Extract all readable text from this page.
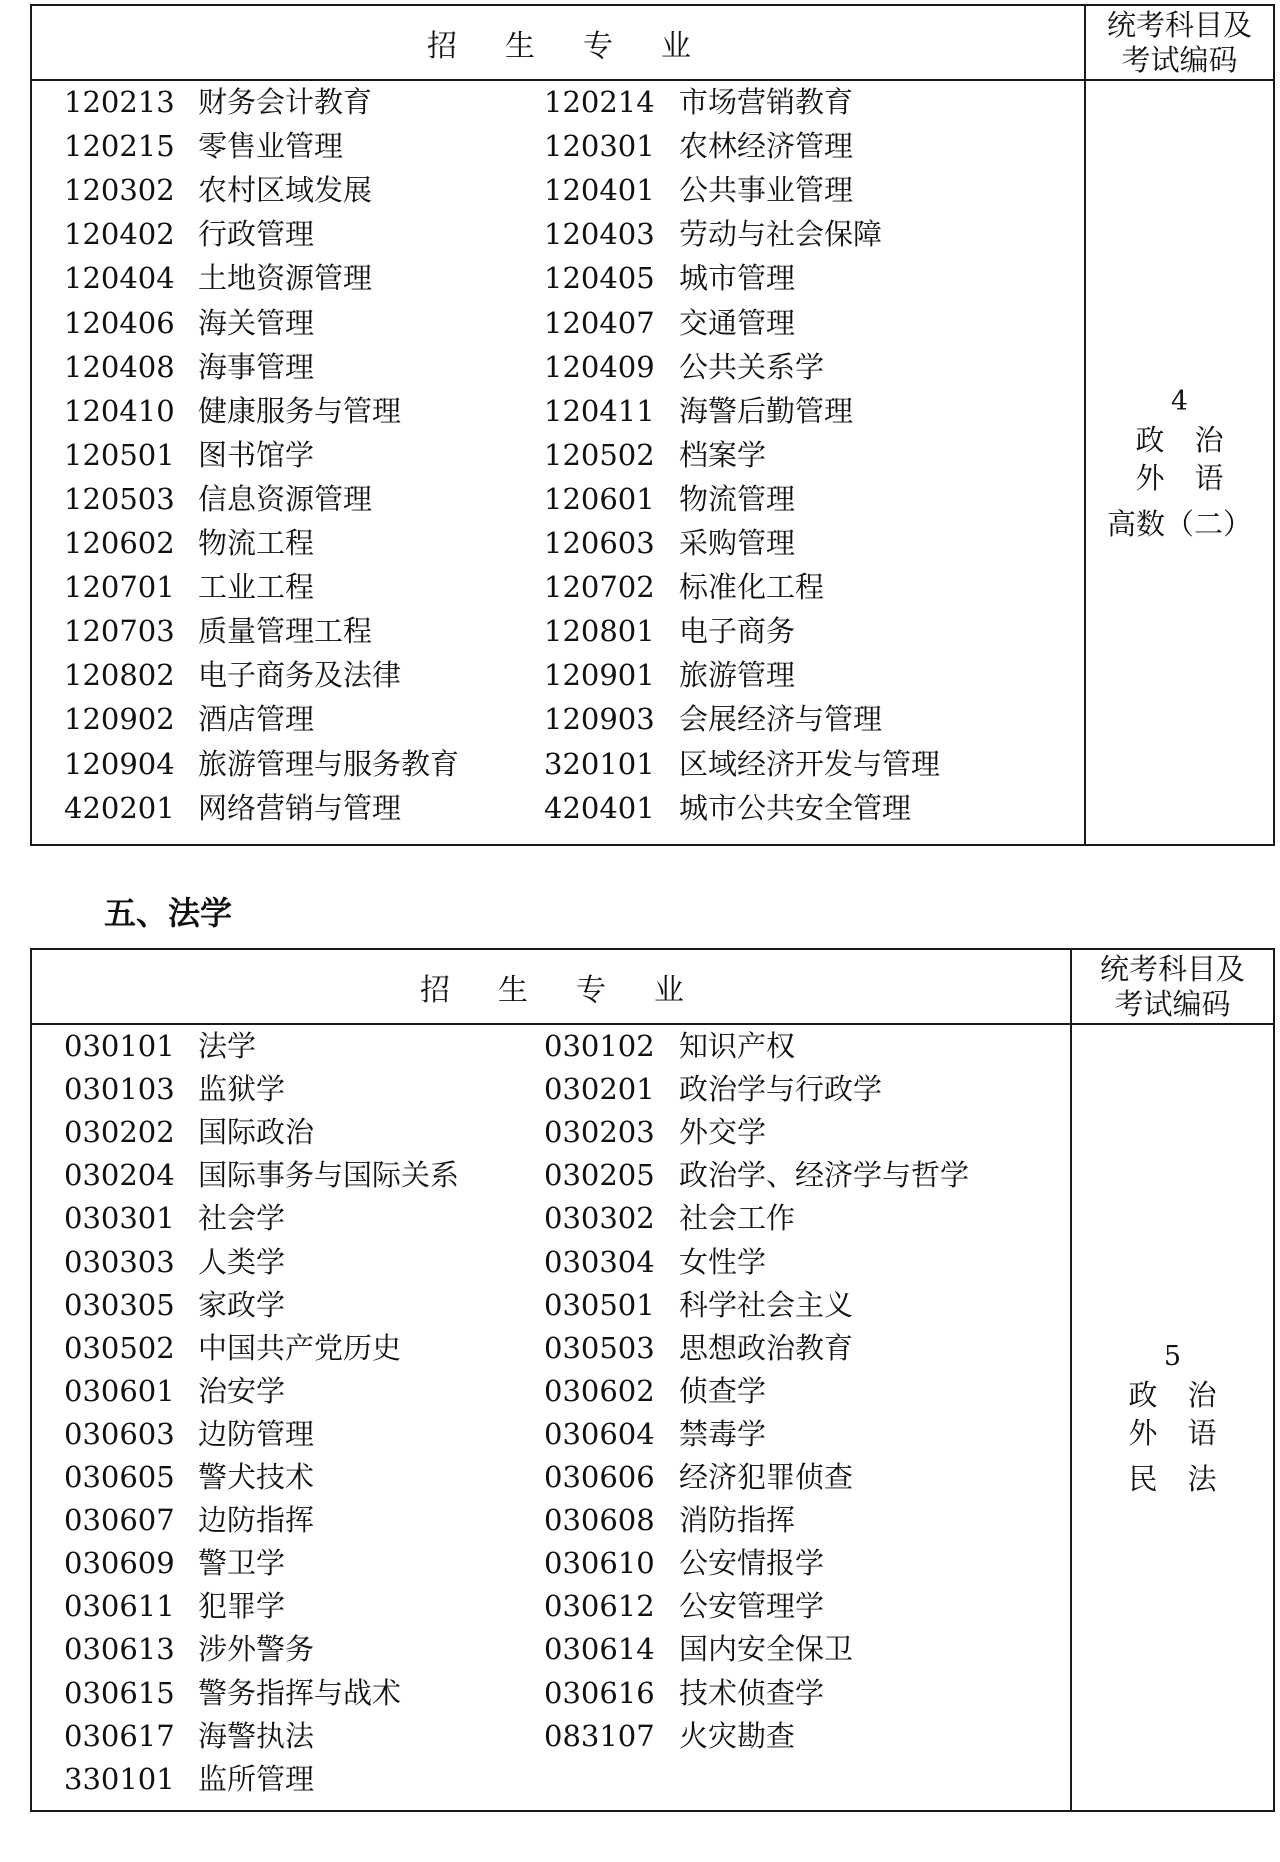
招生专业
统考科目及
考试编码
4
政治
外语
高数（二）
120213 财务会计教育	120214 市场营销教育
120215 零售业管理	120301 农林经济管理
120302 农村区域发展	120401 公共事业管理
120402 行政管理	120403 劳动与社会保障
120404 土地资源管理	120405 城市管理
120406 海关管理	120407 交通管理
120408 海事管理	120409 公共关系学
120410 健康服务与管理	120411 海警后勤管理
120501 图书馆学	120502 档案学
120503 信息资源管理	120601 物流管理
120602 物流工程	120603 采购管理
120701 工业工程	120702 标准化工程
120703 质量管理工程	120801 电子商务
120802 电子商务及法律	120901 旅游管理
120902 酒店管理	120903 会展经济与管理
120904 旅游管理与服务教育	320101 区域经济开发与管理
420201 网络营销与管理	420401 城市公共安全管理
五、法学
招生专业
统考科目及
考试编码
5
政治
外语
民法
030101 法学	030102 知识产权
030103 监狱学	030201 政治学与行政学
030202 国际政治	030203 外交学
030204 国际事务与国际关系	030205 政治学、经济学与哲学
030301 社会学	030302 社会工作
030303 人类学	030304 女性学
030305 家政学	030501 科学社会主义
030502 中国共产党历史	030503 思想政治教育
030601 治安学	030602 侦查学
030603 边防管理	030604 禁毒学
030605 警犬技术	030606 经济犯罪侦查
030607 边防指挥	030608 消防指挥
030609 警卫学	030610 公安情报学
030611 犯罪学	030612 公安管理学
030613 涉外警务	030614 国内安全保卫
030615 警务指挥与战术	030616 技术侦查学
030617 海警执法	083107 火灾勘查
330101 监所管理
